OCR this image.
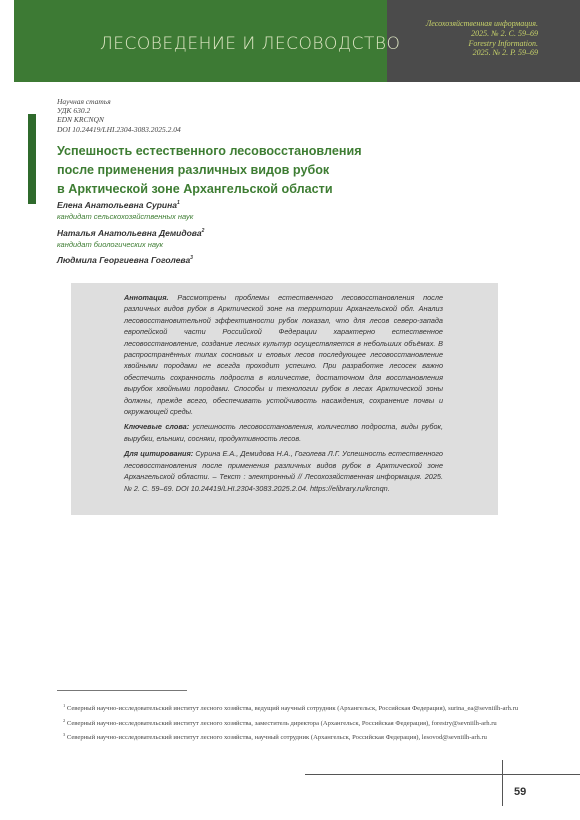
ЛЕСОВЕДЕНИЕ И ЛЕСОВОДСТВО
Лесохозяйственная информация.
2025. № 2. С. 59–69
Forestry Information.
2025. № 2. P. 59–69
Научная статья
УДК 630.2
EDN KRCNQN
DOI 10.24419/LHI.2304-3083.2025.2.04
Успешность естественного лесовосстановления
после применения различных видов рубок
в Арктической зоне Архангельской области
Елена Анатольевна Сурина$^1$
кандидат сельскохозяйственных наук
Наталья Анатольевна Демидова$^2$
кандидат биологических наук
Людмила Георгиевна Гоголева$^3$

Аннотация. Рассмотрены проблемы естественного лесовосстановления после различных видов рубок в Арктической зоне на территории Архангельской обл. Анализ лесовосстановительной эффективности рубок показал, что для лесов северо-запада европейской части Российской Федерации характерно естественное лесовосстановление, создание лесных культур осуществляется в небольших объёмах. В распространённых типах сосновых и еловых лесов последующее лесовосстановление хвойными породами не всегда проходит успешно. При разработке лесосек важно обеспечить сохранность подроста в количестве, достаточном для восстановления вырубок хвойными породами. Способы и технологии рубок в лесах Арктической зоны должны, прежде всего, обеспечивать устойчивость насаждения, сохранение почвы и окружающей среды.

Ключевые слова: успешность лесовосстановления, количество подроста, виды рубок, вырубки, ельники, сосняки, продуктивность лесов.

Для цитирования: Сурина Е.А., Демидова Н.А., Гоголева Л.Г. Успешность естественного лесовосстановления после применения различных видов рубок в Арктической зоне Архангельской области. – Текст : электронный // Лесохозяйственная информация. 2025. № 2. С. 59–69. DOI 10.24419/LHI.2304-3083.2025.2.04. https://elibrary.ru/krcnqn.

$^1$ Северный научно-исследовательский институт лесного хозяйства, ведущий научный сотрудник (Архангельск, Российская Федерация), surina_ea@sevniilh-arh.ru

$^2$ Северный научно-исследовательский институт лесного хозяйства, заместитель директора (Архангельск, Российская Федерация), forestry@sevniilh-arh.ru

$^3$ Северный научно-исследовательский институт лесного хозяйства, научный сотрудник (Архангельск, Российская Федерация), lesovod@sevniilh-arh.ru

59
